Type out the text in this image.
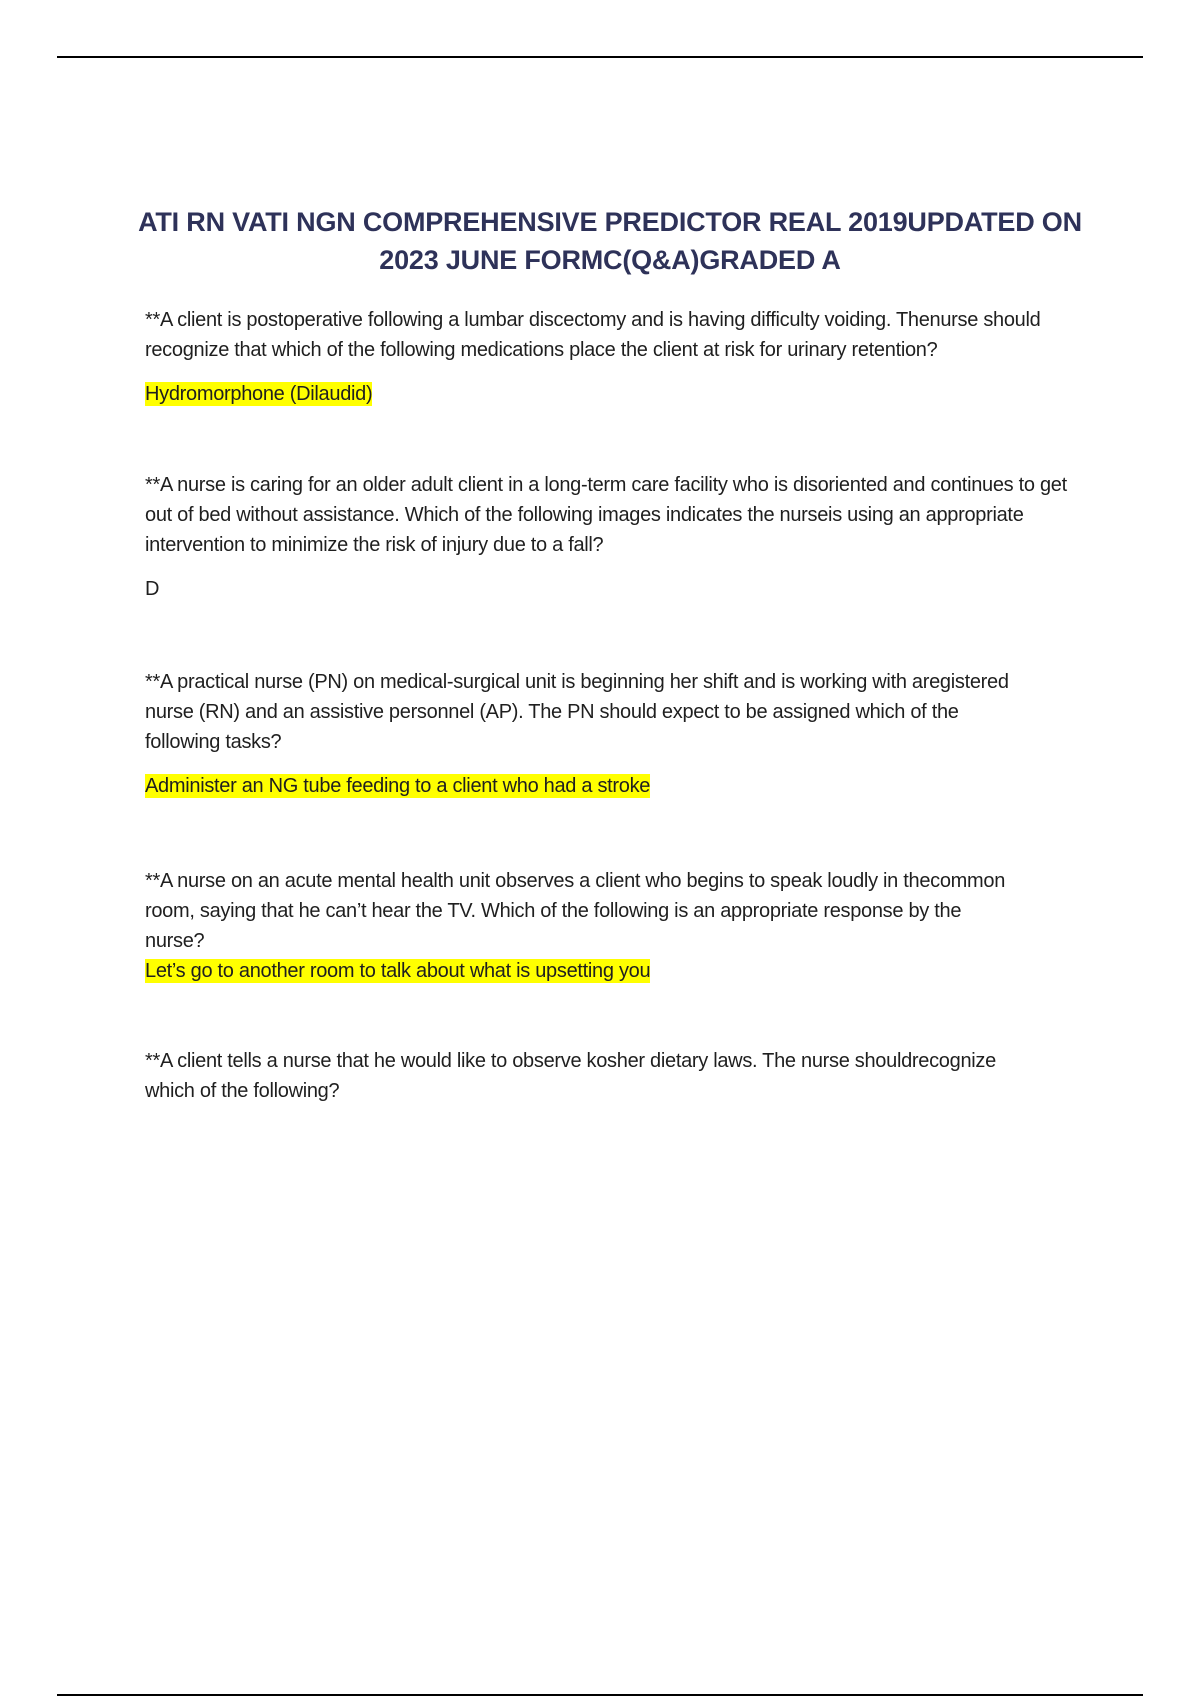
ATI RN VATI NGN COMPREHENSIVE PREDICTOR REAL 2019UPDATED ON
2023 JUNE FORMC(Q&A)GRADED A
**A client is postoperative following a lumbar discectomy and is having difficulty voiding. Thenurse should recognize that which of the following medications place the client at risk for urinary retention?
Hydromorphone (Dilaudid)
**A nurse is caring for an older adult client in a long-term care facility who is disoriented and continues to get out of bed without assistance. Which of the following images indicates the nurseis using an appropriate intervention to minimize the risk of injury due to a fall?
D
**A practical nurse (PN) on medical-surgical unit is beginning her shift and is working with aregistered nurse (RN) and an assistive personnel (AP). The PN should expect to be assigned which of the following tasks?
Administer an NG tube feeding to a client who had a stroke
**A nurse on an acute mental health unit observes a client who begins to speak loudly in thecommon room, saying that he can’t hear the TV. Which of the following is an appropriate response by the nurse?
Let’s go to another room to talk about what is upsetting you
**A client tells a nurse that he would like to observe kosher dietary laws. The nurse shouldrecognize which of the following?
